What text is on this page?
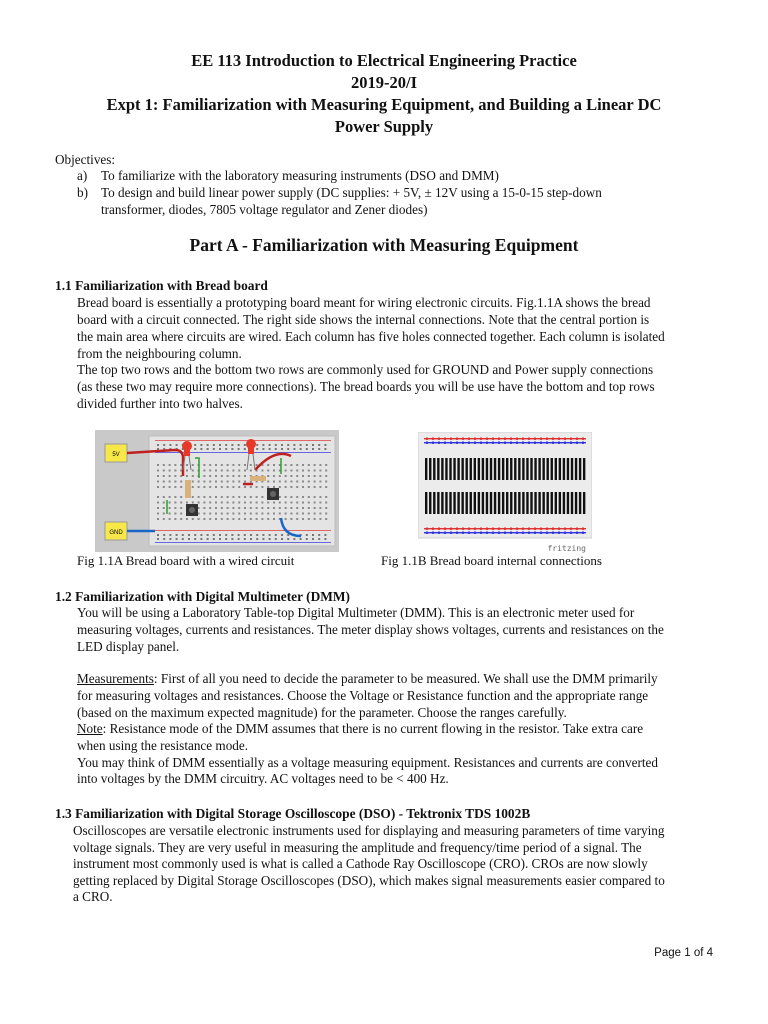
EE 113 Introduction to Electrical Engineering Practice
2019-20/I
Expt 1: Familiarization with Measuring Equipment, and Building a Linear DC
Power Supply
Objectives:
a) To familiarize with the laboratory measuring instruments (DSO and DMM)
b) To design and build linear power supply (DC supplies: + 5V, ± 12V using a 15-0-15 step-down
transformer, diodes, 7805 voltage regulator and Zener diodes)
Part A - Familiarization with Measuring Equipment
1.1 Familiarization with Bread board
Bread board is essentially a prototyping board meant for wiring electronic circuits. Fig.1.1A shows the bread
board with a circuit connected. The right side shows the internal connections. Note that the central portion is
the main area where circuits are wired. Each column has five holes connected together. Each column is isolated
from the neighbouring column.
The top two rows and the bottom two rows are commonly used for GROUND and Power supply connections
(as these two may require more connections). The bread boards you will be use have the bottom and top rows
divided further into two halves.
5V
GND
fritzing
Fig 1.1A Bread board with a wired circuit	Fig 1.1B Bread board internal connections
1.2 Familiarization with Digital Multimeter (DMM)
You will be using a Laboratory Table-top Digital Multimeter (DMM). This is an electronic meter used for
measuring voltages, currents and resistances. The meter display shows voltages, currents and resistances on the
LED display panel.
Measurements: First of all you need to decide the parameter to be measured. We shall use the DMM primarily
for measuring voltages and resistances. Choose the Voltage or Resistance function and the appropriate range
(based on the maximum expected magnitude) for the parameter. Choose the ranges carefully.
Note: Resistance mode of the DMM assumes that there is no current flowing in the resistor. Take extra care
when using the resistance mode.
You may think of DMM essentially as a voltage measuring equipment. Resistances and currents are converted
into voltages by the DMM circuitry. AC voltages need to be < 400 Hz.
1.3 Familiarization with Digital Storage Oscilloscope (DSO) - Tektronix TDS 1002B
Oscilloscopes are versatile electronic instruments used for displaying and measuring parameters of time varying
voltage signals. They are very useful in measuring the amplitude and frequency/time period of a signal. The
instrument most commonly used is what is called a Cathode Ray Oscilloscope (CRO). CROs are now slowly
getting replaced by Digital Storage Oscilloscopes (DSO), which makes signal measurements easier compared to
a CRO.
Page 1 of 4
